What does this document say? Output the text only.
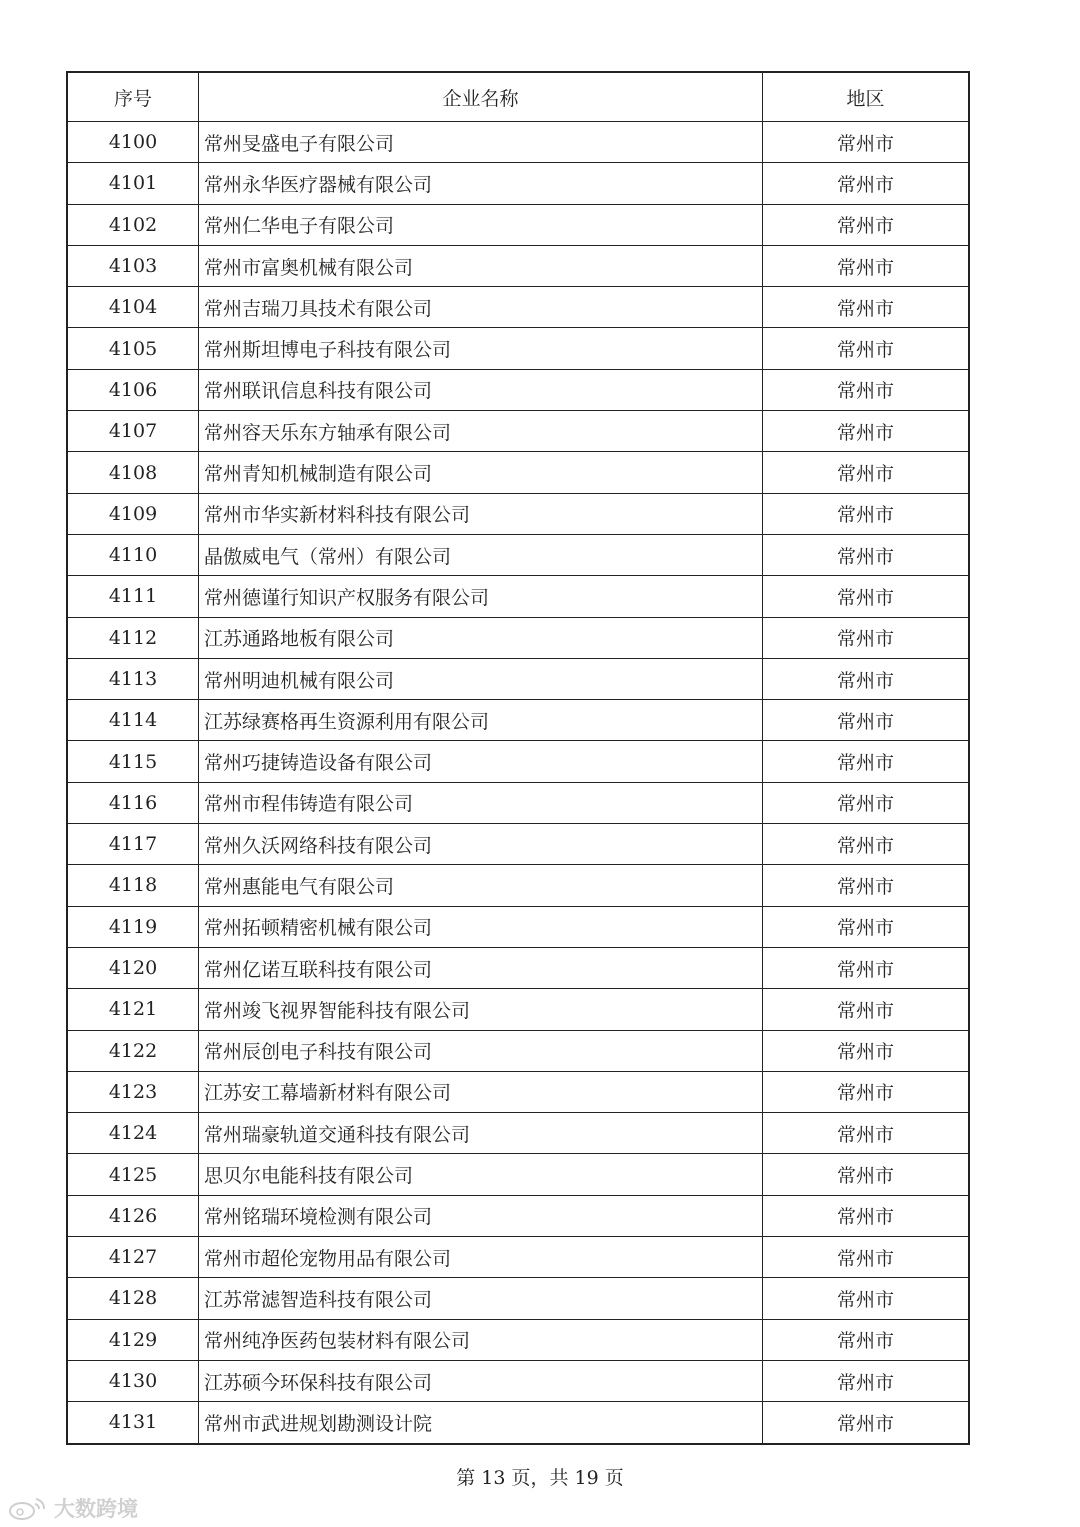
序号	企业名称	地区
4100	常州旻盛电子有限公司	常州市
4101	常州永华医疗器械有限公司	常州市
4102	常州仁华电子有限公司	常州市
4103	常州市富奥机械有限公司	常州市
4104	常州吉瑞刀具技术有限公司	常州市
4105	常州斯坦博电子科技有限公司	常州市
4106	常州联讯信息科技有限公司	常州市
4107	常州容天乐东方轴承有限公司	常州市
4108	常州青知机械制造有限公司	常州市
4109	常州市华实新材料科技有限公司	常州市
4110	晶傲威电气（常州）有限公司	常州市
4111	常州德谨行知识产权服务有限公司	常州市
4112	江苏通路地板有限公司	常州市
4113	常州明迪机械有限公司	常州市
4114	江苏绿赛格再生资源利用有限公司	常州市
4115	常州巧捷铸造设备有限公司	常州市
4116	常州市程伟铸造有限公司	常州市
4117	常州久沃网络科技有限公司	常州市
4118	常州惠能电气有限公司	常州市
4119	常州拓顿精密机械有限公司	常州市
4120	常州亿诺互联科技有限公司	常州市
4121	常州竣飞视界智能科技有限公司	常州市
4122	常州辰创电子科技有限公司	常州市
4123	江苏安工幕墙新材料有限公司	常州市
4124	常州瑞豪轨道交通科技有限公司	常州市
4125	思贝尔电能科技有限公司	常州市
4126	常州铭瑞环境检测有限公司	常州市
4127	常州市超伦宠物用品有限公司	常州市
4128	江苏常滤智造科技有限公司	常州市
4129	常州纯净医药包装材料有限公司	常州市
4130	江苏硕今环保科技有限公司	常州市
4131	常州市武进规划勘测设计院	常州市
第 13 页，共 19 页
大数跨境
